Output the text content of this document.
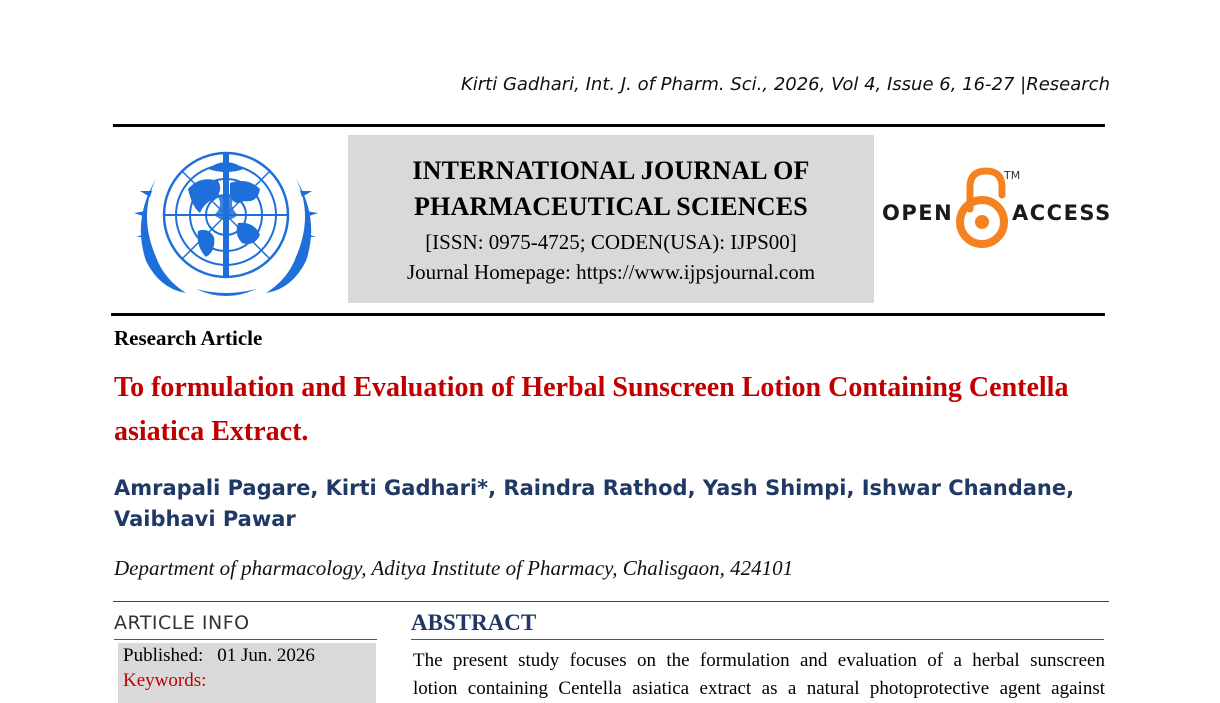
Kirti Gadhari, Int. J. of Pharm. Sci., 2026, Vol 4, Issue 6, 16-27 |Research
INTERNATIONAL JOURNAL OF
PHARMACEUTICAL SCIENCES
[ISSN: 0975-4725; CODEN(USA): IJPS00]
Journal Homepage: https://www.ijpsjournal.com
OPEN
TM
ACCESS
Research Article
To formulation and Evaluation of Herbal Sunscreen Lotion Containing Centella asiatica Extract.
Amrapali Pagare, Kirti Gadhari*, Raindra Rathod, Yash Shimpi, Ishwar Chandane, Vaibhavi Pawar
Department of pharmacology, Aditya Institute of Pharmacy, Chalisgaon, 424101
ARTICLE INFO
Published: 01 Jun. 2026
Keywords:
ABSTRACT
The present study focuses on the formulation and evaluation of a herbal sunscreen
lotion containing Centella asiatica extract as a natural photoprotective agent against
